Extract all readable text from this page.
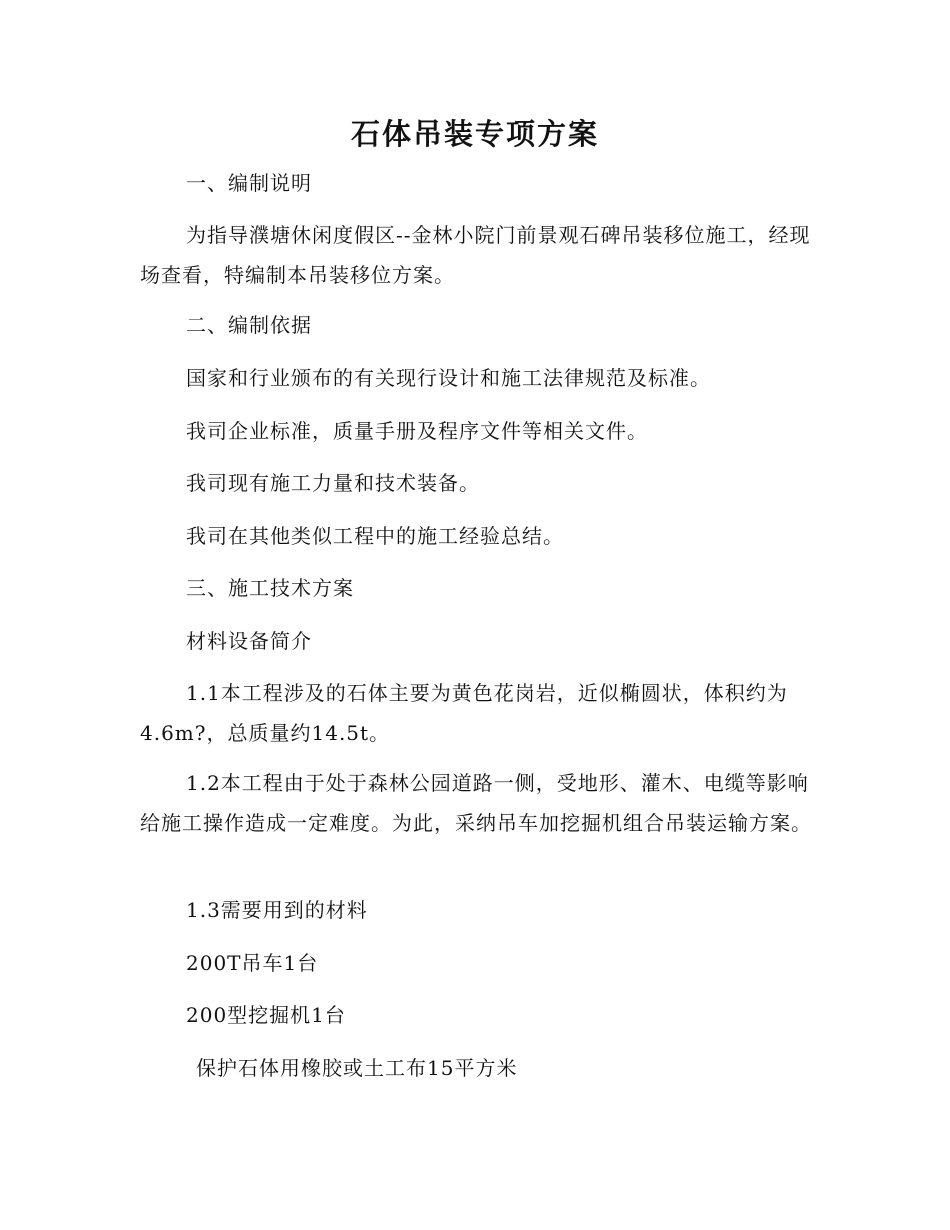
石体吊装专项方案

一、编制说明

为指导濮塘休闲度假区--金林小院门前景观石碑吊装移位施工，经现场查看，特编制本吊装移位方案。

二、编制依据

国家和行业颁布的有关现行设计和施工法律规范及标准。

我司企业标准，质量手册及程序文件等相关文件。

我司现有施工力量和技术装备。

我司在其他类似工程中的施工经验总结。

三、施工技术方案

材料设备简介

1.1本工程涉及的石体主要为黄色花岗岩，近似椭圆状，体积约为4.6m?，总质量约14.5t。

1.2本工程由于处于森林公园道路一侧，受地形、灌木、电缆等影响给施工操作造成一定难度。为此，采纳吊车加挖掘机组合吊装运输方案。

1.3需要用到的材料

200T吊车1台

200型挖掘机1台

保护石体用橡胶或土工布15平方米
